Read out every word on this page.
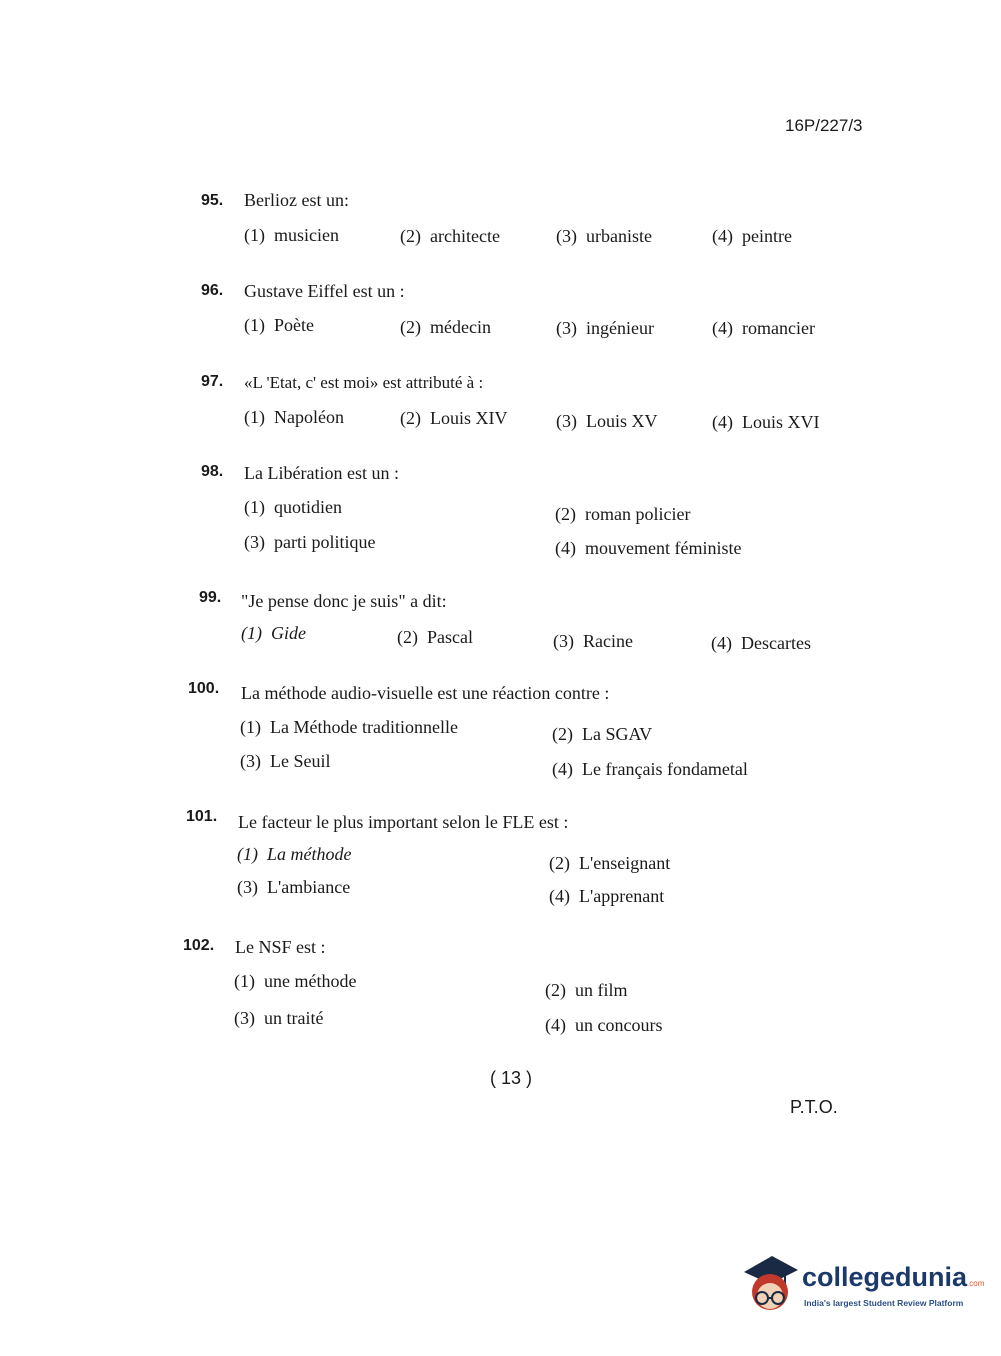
16P/227/3
95. Berlioz est un:
(1) musicien	(2) architecte	(3) urbaniste	(4) peintre
96. Gustave Eiffel est un :
(1) Poète	(2) médecin	(3) ingénieur	(4) romancier
97. «L 'Etat, c' est moi» est attributé à :
(1) Napoléon	(2) Louis XIV	(3) Louis XV	(4) Louis XVI
98. La Libération est un :
(1) quotidien	(2) roman policier
(3) parti politique	(4) mouvement féministe
99. "Je pense donc je suis" a dit:
(1) Gide	(2) Pascal	(3) Racine	(4) Descartes
100. La méthode audio-visuelle est une réaction contre :
(1) La Méthode traditionnelle	(2) La SGAV
(3) Le Seuil	(4) Le français fondametal
101. Le facteur le plus important selon le FLE est :
(1) La méthode	(2) L'enseignant
(3) L'ambiance	(4) L'apprenant
102. Le NSF est :
(1) une méthode	(2) un film
(3) un traité	(4) un concours
( 13 )
P.T.O.
collegedunia.com
India's largest Student Review Platform
